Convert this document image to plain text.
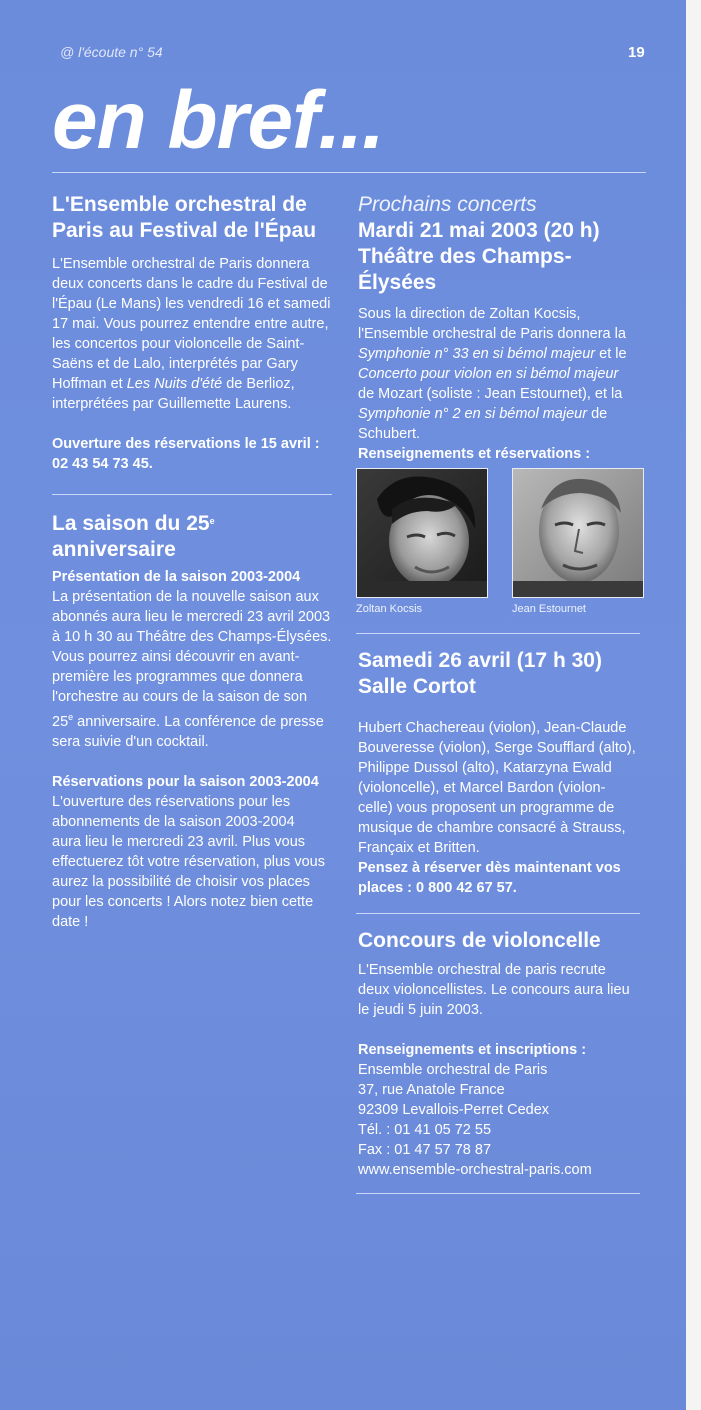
@ l'écoute n° 54	19
en bref...

L'Ensemble orchestral de

Paris au Festival de l'Épau

L'Ensemble orchestral de Paris donnera

deux concerts dans le cadre du Festival de

l'Épau (Le Mans) les vendredi 16 et samedi

17 mai. Vous pourrez entendre entre autre,

les concertos pour violoncelle de Saint-

Saëns et de Lalo, interprétés par Gary

Hoffman et Les Nuits d'été de Berlioz,

interprétées par Guillemette Laurens.

Ouverture des réservations le 15 avril :

02 43 54 73 45.

La saison du 25e anniversaire

Présentation de la saison 2003-2004

La présentation de la nouvelle saison aux

abonnés aura lieu le mercredi 23 avril 2003

à 10 h 30 au Théâtre des Champs-Élysées.

Vous pourrez ainsi découvrir en avant-

première les programmes que donnera

l'orchestre au cours de la saison de son

25e anniversaire. La conférence de presse

sera suivie d'un cocktail.

Réservations pour la saison 2003-2004

L'ouverture des réservations pour les

abonnements de la saison 2003-2004

aura lieu le mercredi 23 avril. Plus vous

effectuerez tôt votre réservation, plus vous

aurez la possibilité de choisir vos places

pour les concerts ! Alors notez bien cette

date !

Prochains concerts

Mardi 21 mai 2003 (20 h)

Théâtre des Champs-Élysées

Sous la direction de Zoltan Kocsis,

l'Ensemble orchestral de Paris donnera la

Symphonie n° 33 en si bémol majeur et le

Concerto pour violon en si bémol majeur

de Mozart (soliste : Jean Estournet), et la

Symphonie n° 2 en si bémol majeur de

Schubert.

Renseignements et réservations :

Zoltan Kocsis	Jean Estournet

Samedi 26 avril (17 h 30)

Salle Cortot

Hubert Chachereau (violon), Jean-Claude

Bouveresse (violon), Serge Soufflard (alto),

Philippe Dussol (alto), Katarzyna Ewald

(violoncelle), et Marcel Bardon (violon-

celle) vous proposent un programme de

musique de chambre consacré à Strauss,

Françaix et Britten.

Pensez à réserver dès maintenant vos

places : 0 800 42 67 57.

Concours de violoncelle

L'Ensemble orchestral de paris recrute

deux violoncellistes. Le concours aura lieu

le jeudi 5 juin 2003.

Renseignements et inscriptions :

Ensemble orchestral de Paris

37, rue Anatole France

92309 Levallois-Perret Cedex

Tél. : 01 41 05 72 55

Fax : 01 47 57 78 87

www.ensemble-orchestral-paris.com
